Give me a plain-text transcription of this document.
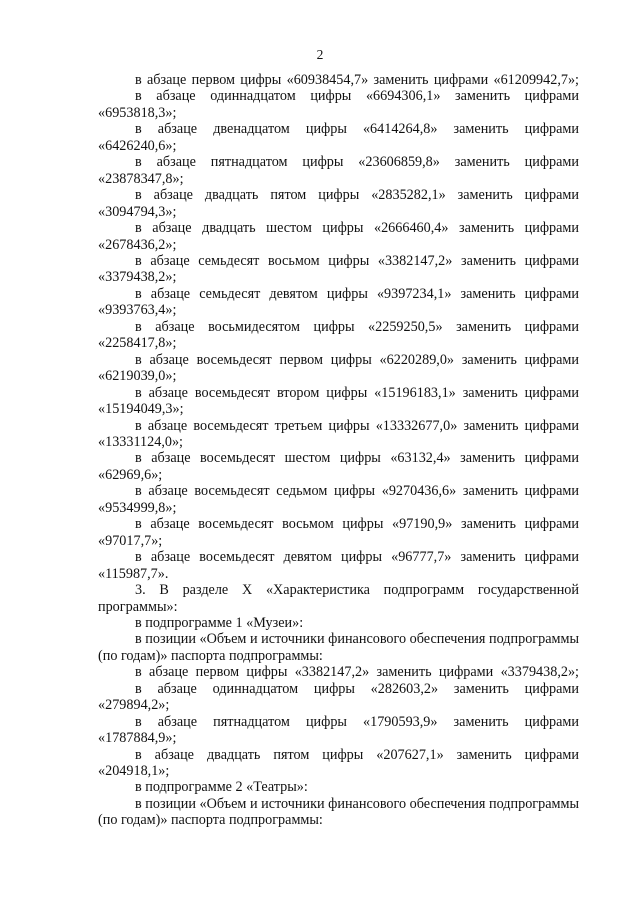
2

в абзаце первом цифры «60938454,7» заменить цифрами «61209942,7»;

в абзаце одиннадцатом цифры «6694306,1» заменить цифрами «6953818,3»;

в абзаце двенадцатом цифры «6414264,8» заменить цифрами «6426240,6»;

в абзаце пятнадцатом цифры «23606859,8» заменить цифрами «23878347,8»;

в абзаце двадцать пятом цифры «2835282,1» заменить цифрами «3094794,3»;

в абзаце двадцать шестом цифры «2666460,4» заменить цифрами «2678436,2»;

в абзаце семьдесят восьмом цифры «3382147,2» заменить цифрами «3379438,2»;

в абзаце семьдесят девятом цифры «9397234,1» заменить цифрами «9393763,4»;

в абзаце восьмидесятом цифры «2259250,5» заменить цифрами «2258417,8»;

в абзаце восемьдесят первом цифры «6220289,0» заменить цифрами «6219039,0»;

в абзаце восемьдесят втором цифры «15196183,1» заменить цифрами «15194049,3»;

в абзаце восемьдесят третьем цифры «13332677,0» заменить цифрами «13331124,0»;

в абзаце восемьдесят шестом цифры «63132,4» заменить цифрами «62969,6»;

в абзаце восемьдесят седьмом цифры «9270436,6» заменить цифрами «9534999,8»;

в абзаце восемьдесят восьмом цифры «97190,9» заменить цифрами «97017,7»;

в абзаце восемьдесят девятом цифры «96777,7» заменить цифрами «115987,7».

3. В разделе X «Характеристика подпрограмм государственной программы»:

в подпрограмме 1 «Музеи»:

в позиции «Объем и источники финансового обеспечения подпрограммы (по годам)» паспорта подпрограммы:

в абзаце первом цифры «3382147,2» заменить цифрами «3379438,2»;

в абзаце одиннадцатом цифры «282603,2» заменить цифрами «279894,2»;

в абзаце пятнадцатом цифры «1790593,9» заменить цифрами «1787884,9»;

в абзаце двадцать пятом цифры «207627,1» заменить цифрами «204918,1»;

в подпрограмме 2 «Театры»:

в позиции «Объем и источники финансового обеспечения подпрограммы (по годам)» паспорта подпрограммы:
